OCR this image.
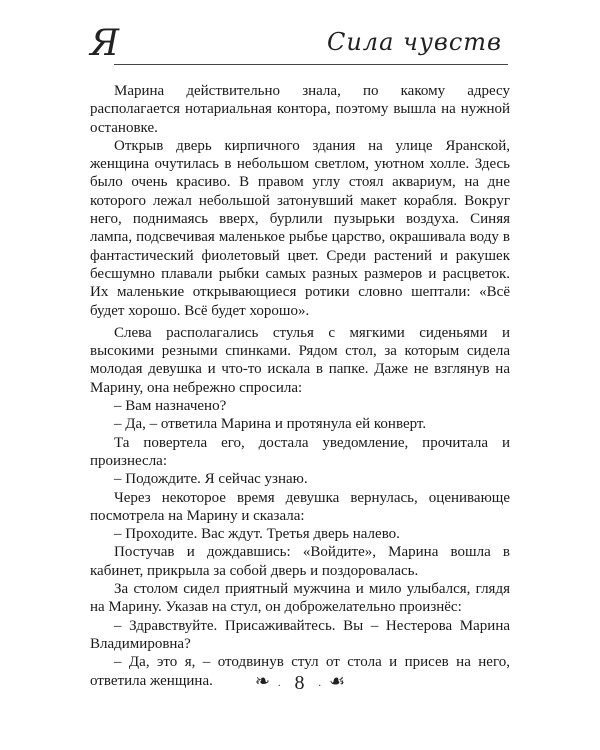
Я	Сила чувств

Марина действительно знала, по какому адресу располагается нотариальная контора, поэтому вышла на нужной остановке.

Открыв дверь кирпичного здания на улице Яранской, женщина очутилась в небольшом светлом, уютном холле. Здесь было очень красиво. В правом углу стоял аквариум, на дне которого лежал небольшой затонувший макет корабля. Вокруг него, поднимаясь вверх, бурлили пузырьки воздуха. Синяя лампа, подсвечивая маленькое рыбье царство, окрашивала воду в фантастический фиолетовый цвет. Среди растений и ракушек бесшумно плавали рыбки самых разных размеров и расцветок. Их маленькие открывающиеся ротики словно шептали: «Всё будет хорошо. Всё будет хорошо».

Слева располагались стулья с мягкими сиденьями и высокими резными спинками. Рядом стол, за которым сидела молодая девушка и что-то искала в папке. Даже не взглянув на Марину, она небрежно спросила:

– Вам назначено?

– Да, – ответила Марина и протянула ей конверт.

Та повертела его, достала уведомление, прочитала и произнесла:

– Подождите. Я сейчас узнаю.

Через некоторое время девушка вернулась, оценивающе посмотрела на Марину и сказала:

– Проходите. Вас ждут. Третья дверь налево.

Постучав и дождавшись: «Войдите», Марина вошла в кабинет, прикрыла за собой дверь и поздоровалась.

За столом сидел приятный мужчина и мило улыбался, глядя на Марину. Указав на стул, он доброжелательно произнёс:

– Здравствуйте. Присаживайтесь. Вы – Нестерова Марина Владимировна?

– Да, это я, – отодвинув стул от стола и присев на него, ответила женщина.	❧ . 8 . ☙
